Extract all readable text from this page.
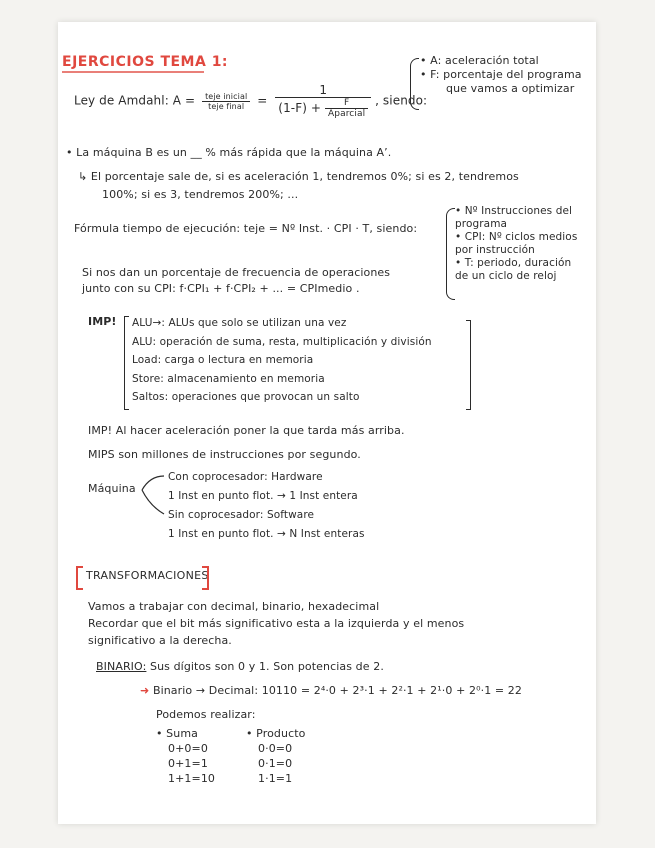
EJERCICIOS TEMA 1:
Ley de Amdahl: $A = \frac{\text{teje inicial}}{\text{teje final}} = \frac{1}{(1-F) + \frac{F}{\text{Aparcial}}}$ , siendo:
• A: aceleración total
• F: porcentaje del programa
que vamos a optimizar
• La máquina B es un __ % más rápida que la máquina Aʼ.
↳ El porcentaje sale de, si es aceleración 1, tendremos 0%; si es 2, tendremos
100%; si es 3, tendremos 200%; ...
Fórmula tiempo de ejecución: teje = Nº Inst. · CPI · T, siendo:
• Nº Instrucciones del
programa
• CPI: Nº ciclos medios
por instrucción
• T: periodo, duración
de un ciclo de reloj
Si nos dan un porcentaje de frecuencia de operaciones
junto con su CPI: f·CPI₁ + f·CPI₂ + ... = CPImedio .
IMP! ALU→: ALUs que solo se utilizan una vez
ALU: operación de suma, resta, multiplicación y división
Load: carga o lectura en memoria
Store: almacenamiento en memoria
Saltos: operaciones que provocan un salto
IMP! Al hacer aceleración poner la que tarda más arriba.
MIPS son millones de instrucciones por segundo.
Máquina
Con coprocesador: Hardware
1 Inst en punto flot. → 1 Inst entera
Sin coprocesador: Software
1 Inst en punto flot. → N Inst enteras
TRANSFORMACIONES
Vamos a trabajar con decimal, binario, hexadecimal
Recordar que el bit más significativo esta a la izquierda y el menos
significativo a la derecha.
BINARIO: Sus dígitos son 0 y 1. Son potencias de 2.
➜ Binario → Decimal: 10110 = 2⁴·0 + 2³·1 + 2²·1 + 2¹·0 + 2⁰·1 = 22
Podemos realizar:
• Suma
0+0=0
0+1=1
1+1=10
• Producto
0·0=0
0·1=0
1·1=1
